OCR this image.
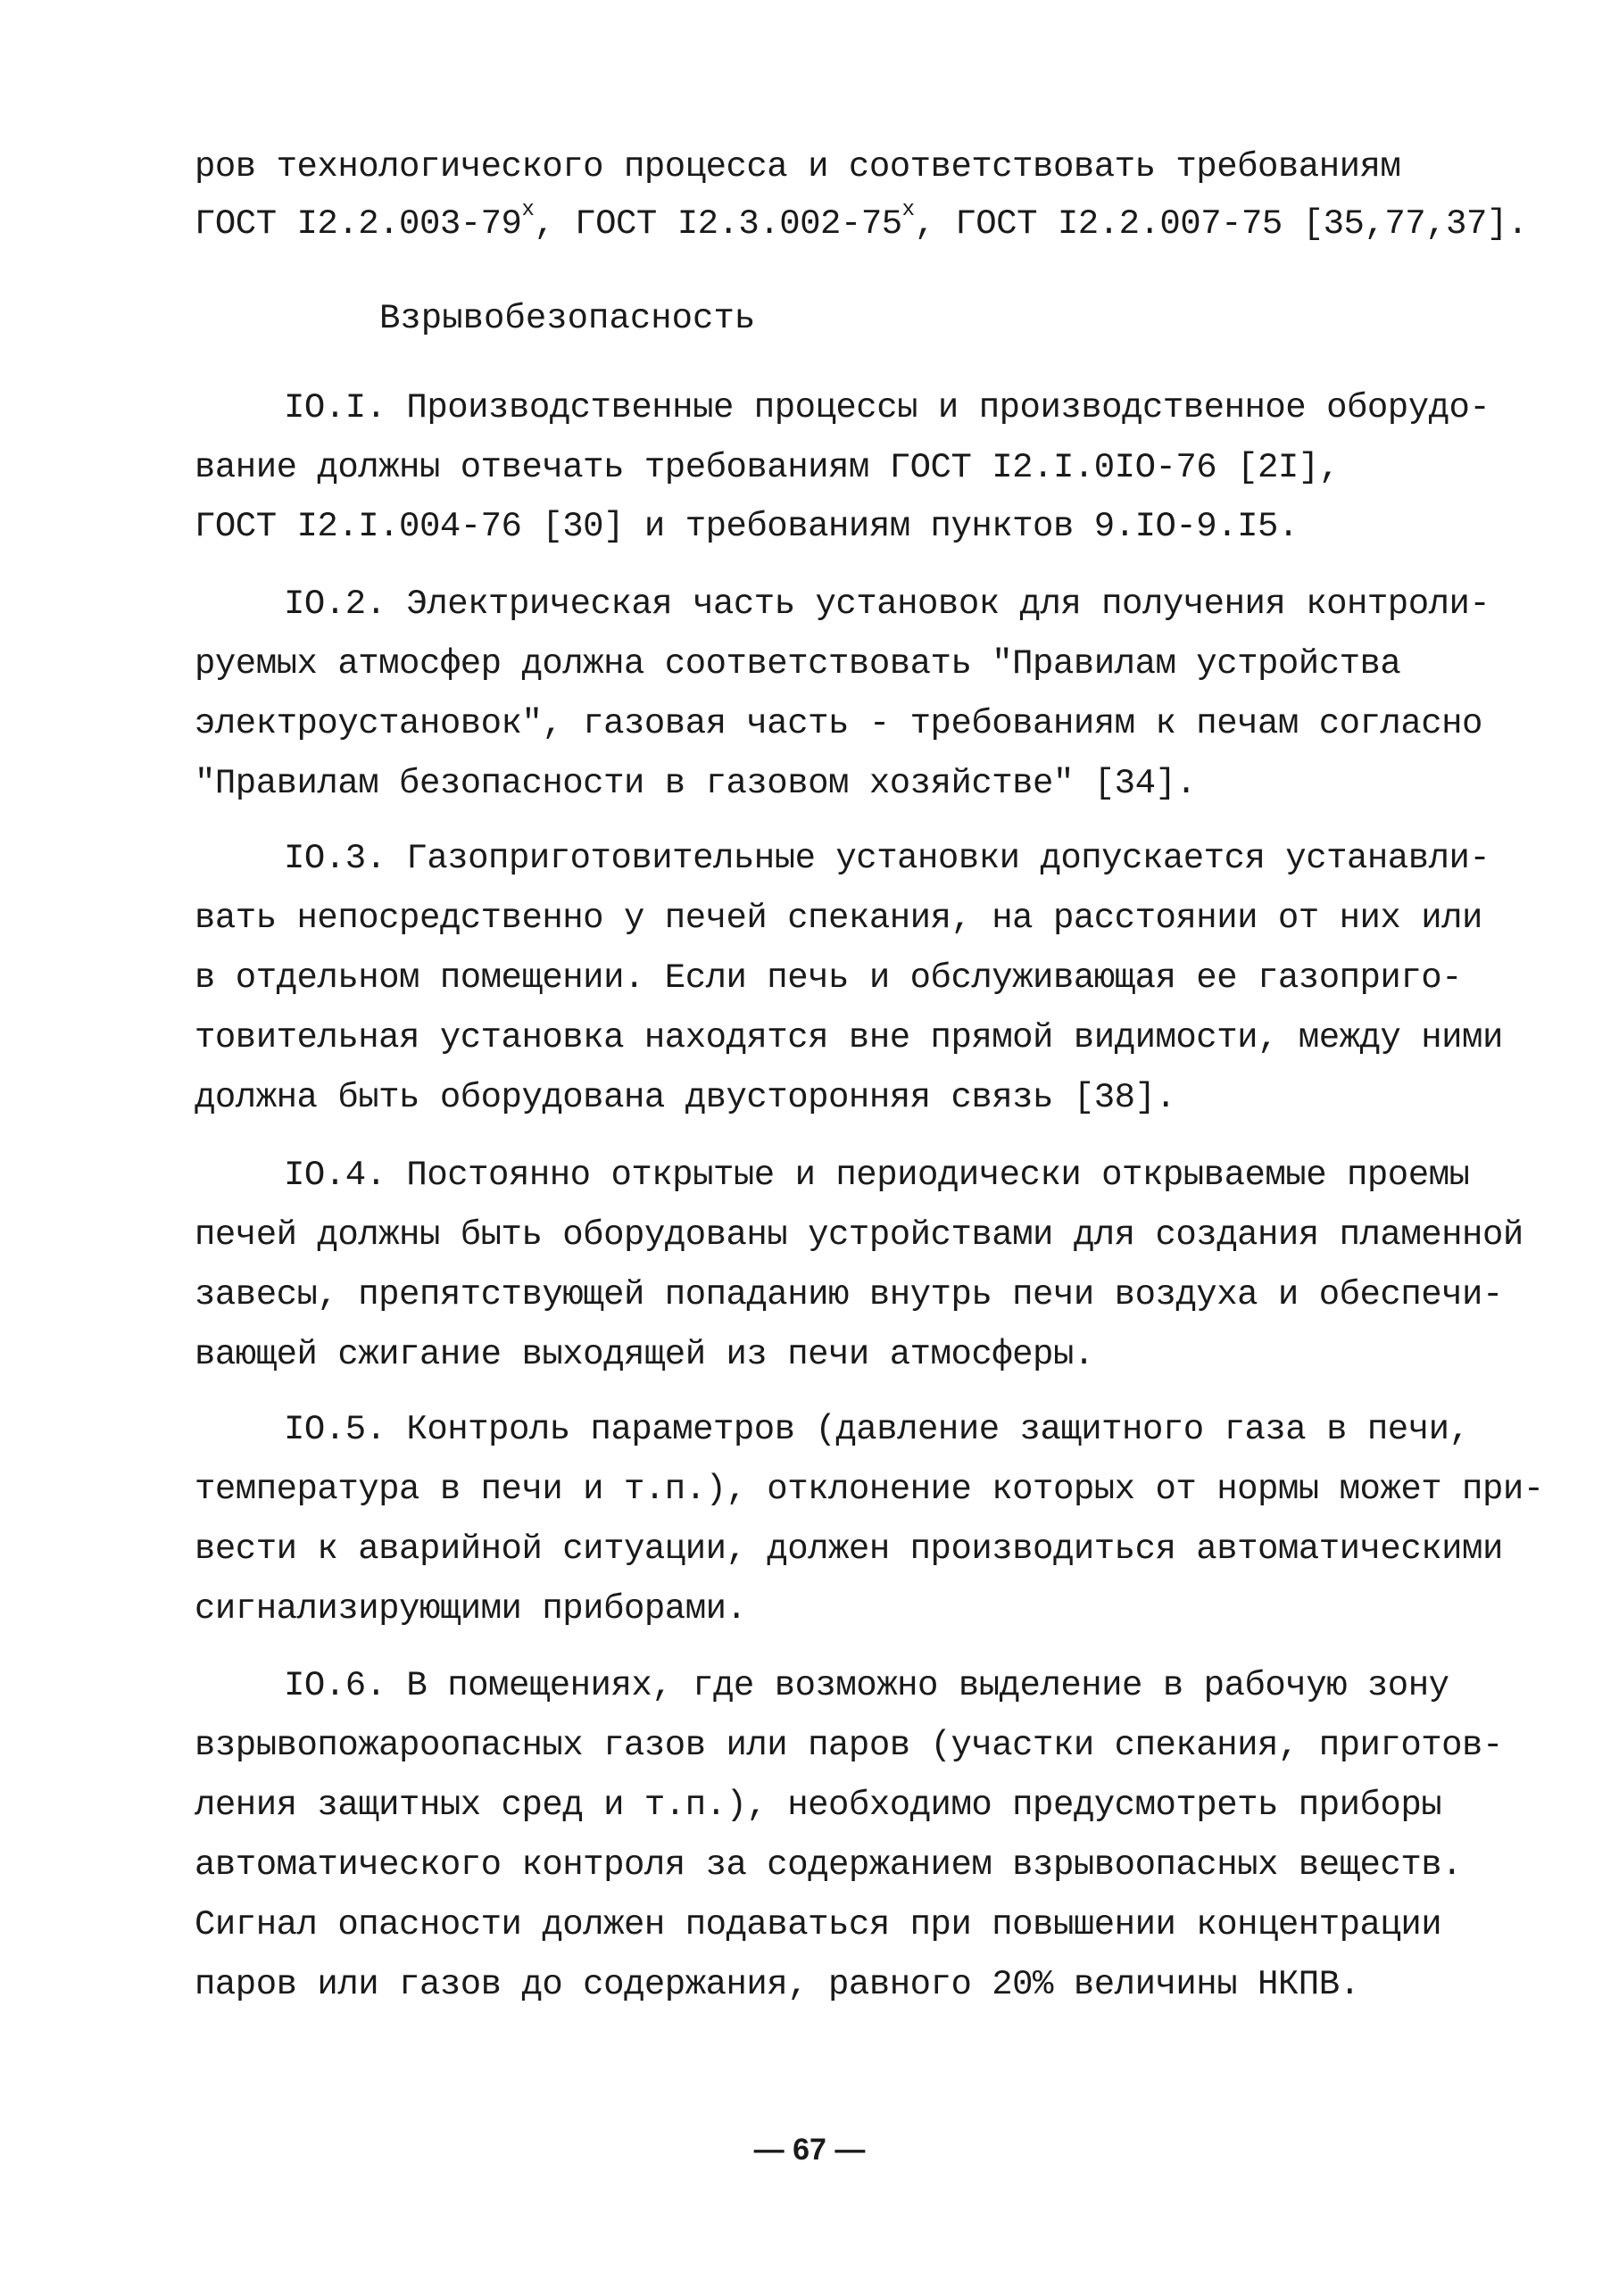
ров технологического процесса и соответствовать требованиям
ГОСТ I2.2.003-79$^x$, ГОСТ I2.3.002-75$^x$, ГОСТ I2.2.007-75 [35,77,37].
Взрывобезопасность
IO.I. Производственные процессы и производственное оборудо-
вание должны отвечать требованиям ГОСТ I2.I.0IO-76 [2I],
ГОСТ I2.I.004-76 [30] и требованиям пунктов 9.IO-9.I5.
IO.2. Электрическая часть установок для получения контроли-
руемых атмосфер должна соответствовать "Правилам устройства
электроустановок", газовая часть - требованиям к печам согласно
"Правилам безопасности в газовом хозяйстве" [34].
IO.3. Газоприготовительные установки допускается устанавли-
вать непосредственно у печей спекания, на расстоянии от них или
в отдельном помещении. Если печь и обслуживающая ее газоприго-
товительная установка находятся вне прямой видимости, между ними
должна быть оборудована двусторонняя связь [38].
IO.4. Постоянно открытые и периодически открываемые проемы
печей должны быть оборудованы устройствами для создания пламенной
завесы, препятствующей попаданию внутрь печи воздуха и обеспечи-
вающей сжигание выходящей из печи атмосферы.
IO.5. Контроль параметров (давление защитного газа в печи,
температура в печи и т.п.), отклонение которых от нормы может при-
вести к аварийной ситуации, должен производиться автоматическими
сигнализирующими приборами.
IO.6. В помещениях, где возможно выделение в рабочую зону
взрывопожароопасных газов или паров (участки спекания, приготов-
ления защитных сред и т.п.), необходимо предусмотреть приборы
автоматического контроля за содержанием взрывоопасных веществ.
Сигнал опасности должен подаваться при повышении концентрации
паров или газов до содержания, равного 20% величины НКПВ.
— 67 —
